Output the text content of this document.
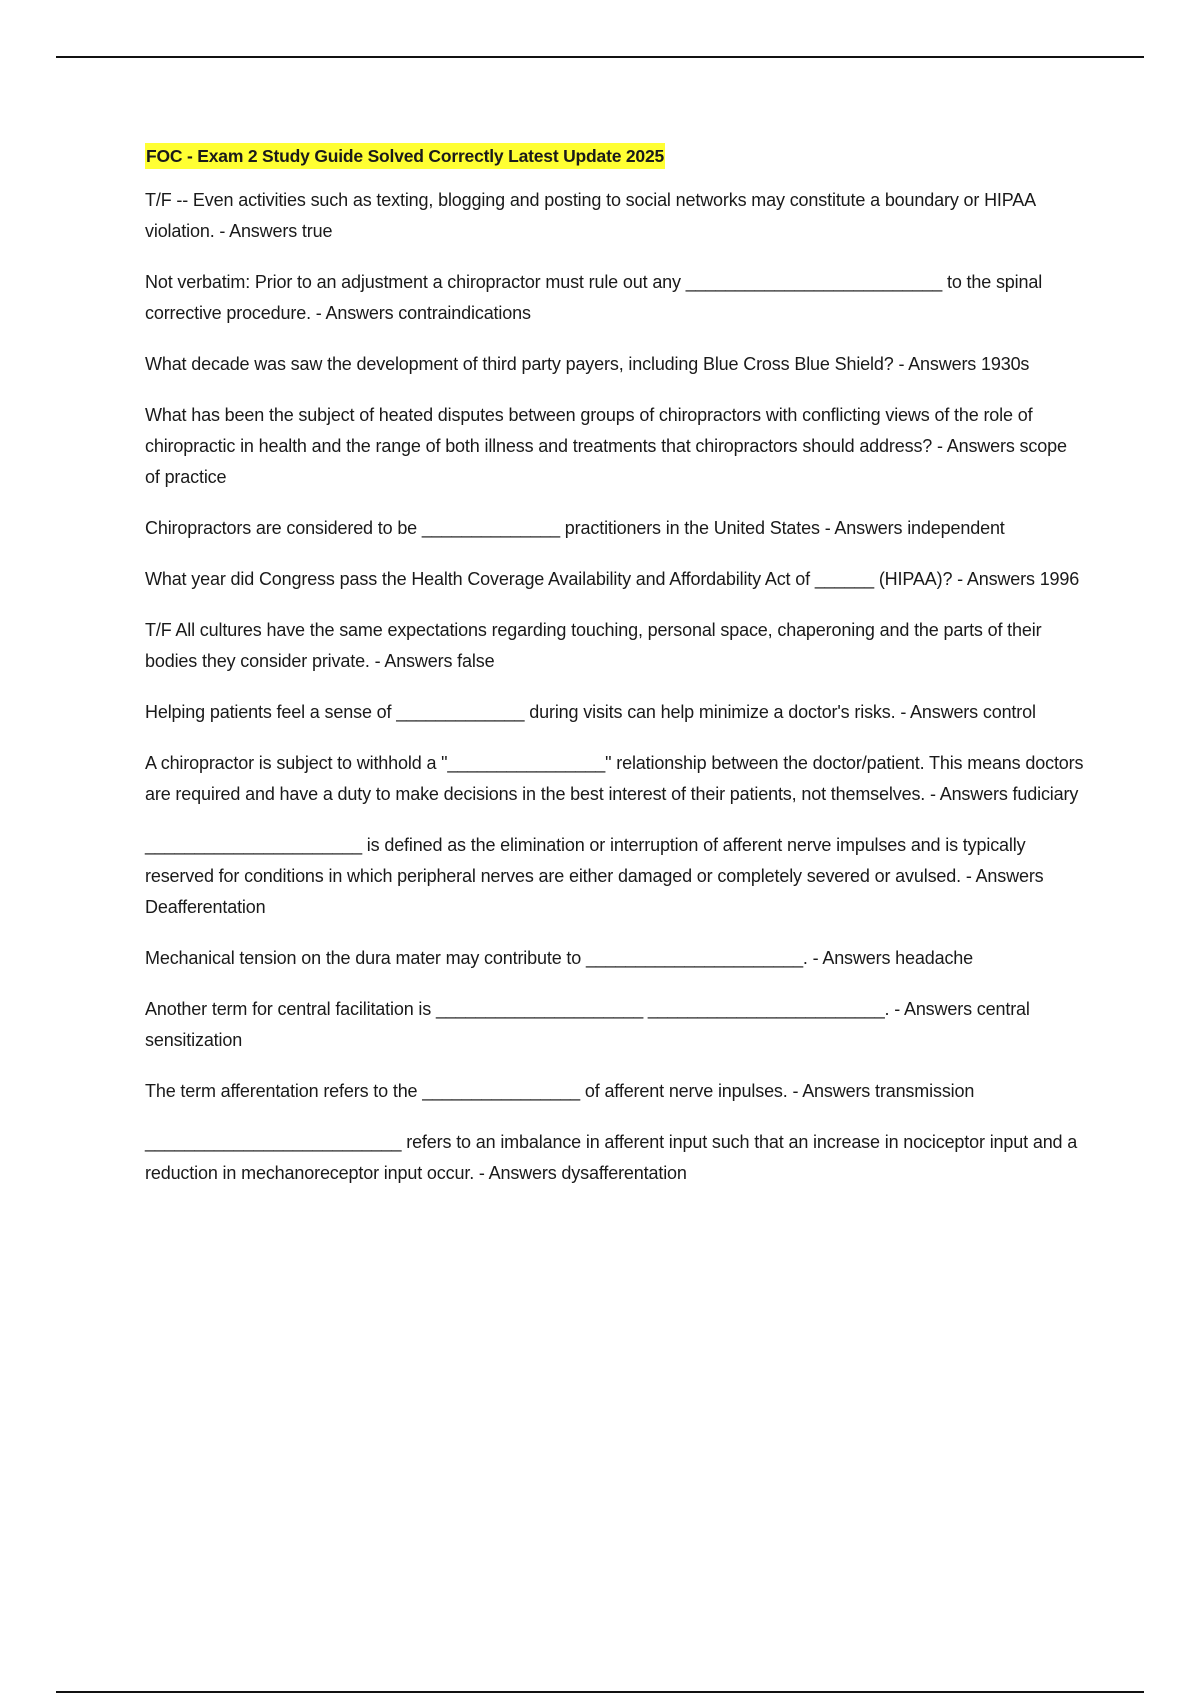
FOC - Exam 2 Study Guide Solved Correctly Latest Update 2025

T/F -- Even activities such as texting, blogging and posting to social networks may constitute a boundary or HIPAA violation. - Answers true

Not verbatim: Prior to an adjustment a chiropractor must rule out any __________________________ to the spinal corrective procedure. - Answers contraindications

What decade was saw the development of third party payers, including Blue Cross Blue Shield? - Answers 1930s

What has been the subject of heated disputes between groups of chiropractors with conflicting views of the role of chiropractic in health and the range of both illness and treatments that chiropractors should address? - Answers scope of practice

Chiropractors are considered to be ______________ practitioners in the United States - Answers independent

What year did Congress pass the Health Coverage Availability and Affordability Act of ______ (HIPAA)? - Answers 1996

T/F All cultures have the same expectations regarding touching, personal space, chaperoning and the parts of their bodies they consider private. - Answers false

Helping patients feel a sense of _____________ during visits can help minimize a doctor's risks. - Answers control

A chiropractor is subject to withhold a "________________" relationship between the doctor/patient. This means doctors are required and have a duty to make decisions in the best interest of their patients, not themselves. - Answers fudiciary

______________________ is defined as the elimination or interruption of afferent nerve impulses and is typically reserved for conditions in which peripheral nerves are either damaged or completely severed or avulsed. - Answers Deafferentation

Mechanical tension on the dura mater may contribute to ______________________. - Answers headache

Another term for central facilitation is _____________________ ________________________. - Answers central sensitization

The term afferentation refers to the ________________ of afferent nerve inpulses. - Answers transmission

__________________________ refers to an imbalance in afferent input such that an increase in nociceptor input and a reduction in mechanoreceptor input occur. - Answers dysafferentation
